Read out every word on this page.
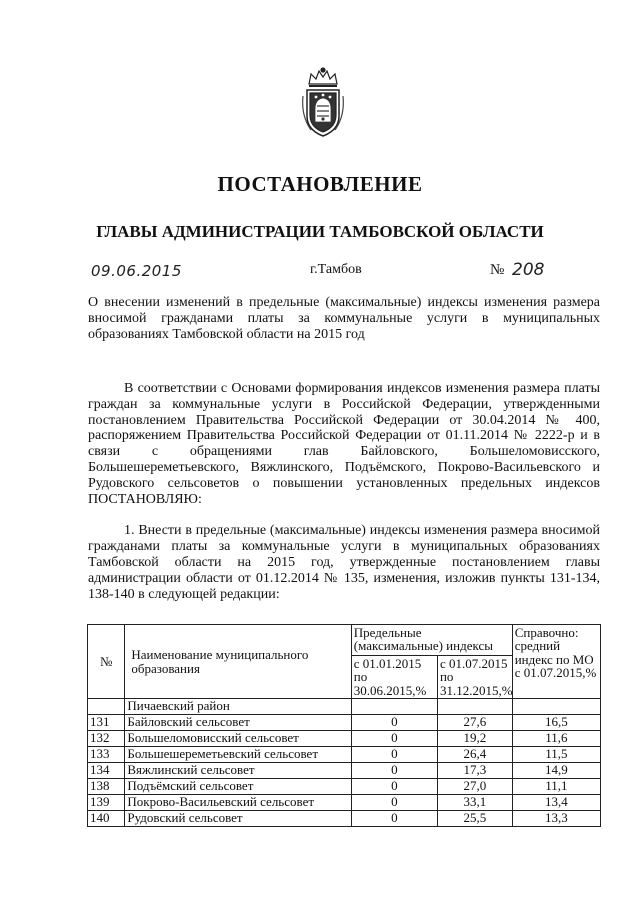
ПОСТАНОВЛЕНИЕ
ГЛАВЫ АДМИНИСТРАЦИИ ТАМБОВСКОЙ ОБЛАСТИ
09.06.2015	г.Тамбов	№ 208
О внесении изменений в предельные (максимальные) индексы изменения размера вносимой гражданами платы за коммунальные услуги в муниципальных образованиях Тамбовской области на 2015 год
В соответствии с Основами формирования индексов изменения размера платы граждан за коммунальные услуги в Российской Федерации, утвержденными постановлением Правительства Российской Федерации от 30.04.2014 № 400, распоряжением Правительства Российской Федерации от 01.11.2014 № 2222-р и в связи с обращениями глав Байловского, Большеломовисского, Большешереметьевского, Вяжлинского, Подъёмского, Покрово-Васильевского и Рудовского сельсоветов о повышении установленных предельных индексов ПОСТАНОВЛЯЮ:
1. Внести в предельные (максимальные) индексы изменения размера вносимой гражданами платы за коммунальные услуги в муниципальных образованиях Тамбовской области на 2015 год, утвержденные постановлением главы администрации области от 01.12.2014 № 135, изменения, изложив пункты 131-134, 138-140 в следующей редакции:
№	Наименование муниципального образования	Предельные (максимальные) индексы		Справочно: средний индекс по МО с 01.07.2015,%
		с 01.01.2015 по 30.06.2015,%	с 01.07.2015 по 31.12.2015,%	
	Пичаевский район			
131	Байловский сельсовет	0	27,6	16,5
132	Большеломовисский сельсовет	0	19,2	11,6
133	Большешереметьевский сельсовет	0	26,4	11,5
134	Вяжлинский сельсовет	0	17,3	14,9
138	Подъёмский сельсовет	0	27,0	11,1
139	Покрово-Васильевский сельсовет	0	33,1	13,4
140	Рудовский сельсовет	0	25,5	13,3
